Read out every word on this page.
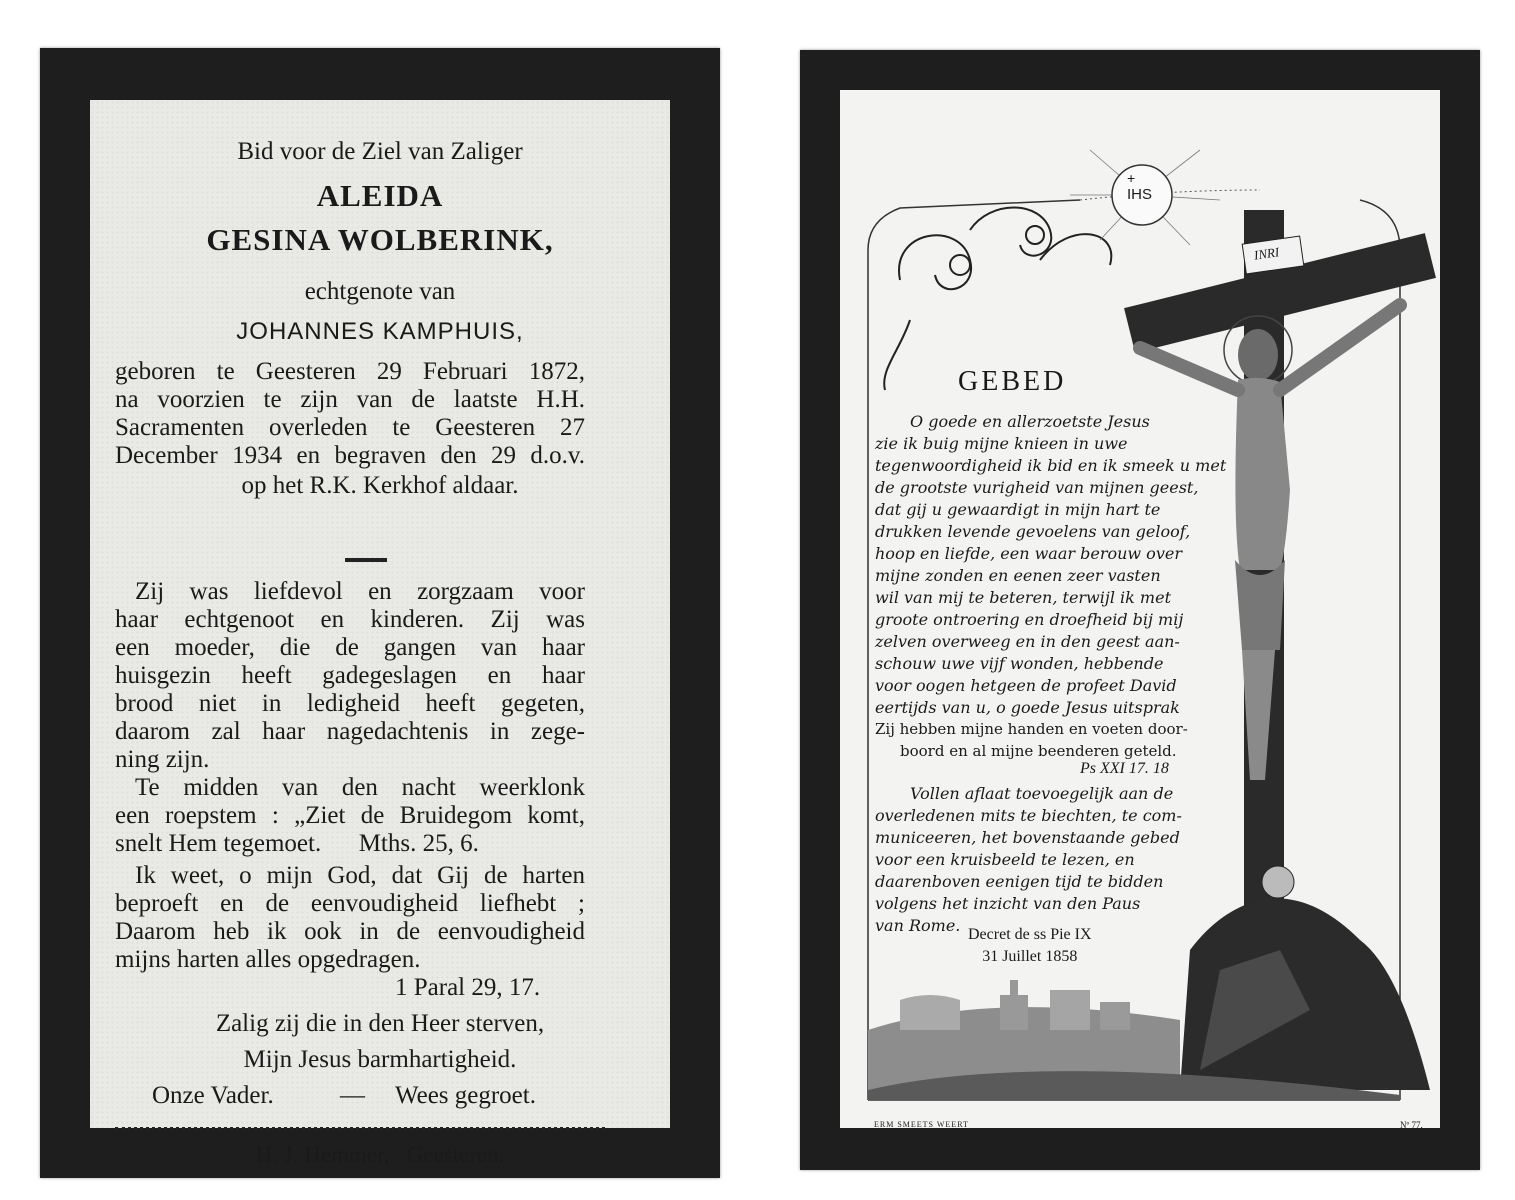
Bid voor de Ziel van Zaliger
ALEIDA
GESINA WOLBERINK,
echtgenote van
JOHANNES KAMPHUIS,
geboren te Geesteren 29 Februari 1872,
na voorzien te zijn van de laatste H.H.
Sacramenten overleden te Geesteren 27
December 1934 en begraven den 29 d.o.v.
op het R.K. Kerkhof aldaar.
Zij was liefdevol en zorgzaam voor
haar echtgenoot en kinderen. Zij was
een moeder, die de gangen van haar
huisgezin heeft gadegeslagen en haar
brood niet in ledigheid heeft gegeten,
daarom zal haar nagedachtenis in zege-
ning zijn.
Te midden van den nacht weerklonk
een roepstem : „Ziet de Bruidegom komt,
snelt Hem tegemoet.      Mths. 25, 6.
Ik weet, o mijn God, dat Gij de harten
beproeft en de eenvoudigheid liefhebt ;
Daarom heb ik ook in de eenvoudigheid
mijns harten alles opgedragen.
1 Paral 29, 17.
Zalig zij die in den Heer sterven,
Mijn Jesus barmhartigheid.
Onze Vader.	— Wees gegroet.
H. J. Hemmer,   Geesteren.
+
IHS
INRI
GEBED
O goede en allerzoetste Jesus
zie ik buig mijne knieen in uwe
tegenwoordigheid ik bid en ik smeek u met
de grootste vurigheid van mijnen geest,
dat gij u gewaardigt in mijn hart te
drukken levende gevoelens van geloof,
hoop en liefde, een waar berouw over
mijne zonden en eenen zeer vasten
wil van mij te beteren, terwijl ik met
groote ontroering en droefheid bij mij
zelven overweeg en in den geest aan-
schouw uwe vijf wonden, hebbende
voor oogen hetgeen de profeet David
eertijds van u, o goede Jesus uitsprak
Zij hebben mijne handen en voeten door-
boord en al mijne beenderen geteld.
Ps XXI 17. 18
Vollen aflaat toevoegelijk aan de
overledenen mits te biechten, te com-
municeeren, het bovenstaande gebed
voor een kruisbeeld te lezen, en
daarenboven eenigen tijd te bidden
volgens het inzicht van den Paus
van Rome. Decret de ss Pie IX
31 Juillet 1858
ERM SMEETS WEERT	Nº 77.
